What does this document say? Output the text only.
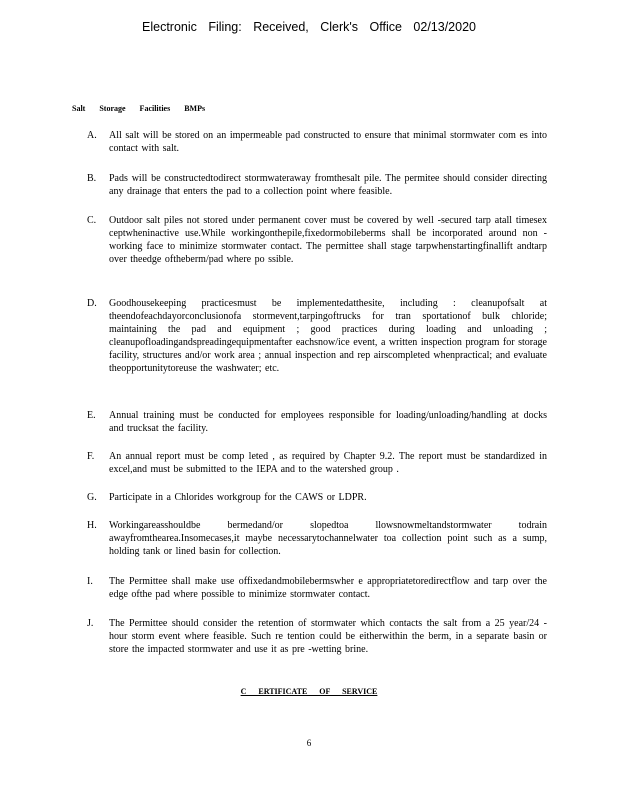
Electronic Filing: Received, Clerk's Office 02/13/2020
Salt Storage Facilities BMPs
A.	All salt will be stored on an impermeable pad constructed to ensure that minimal stormwater com es into contact with salt.
B.	Pads will be constructedtodirect stormwateraway fromthesalt pile. The permitee should consider directing any drainage that enters the pad to a collection point where feasible.
C.	Outdoor salt piles not stored under permanent cover must be covered by well -secured tarp atall timesex ceptwheninactive use.While workingonthepile,fixedormobileberms shall be incorporated around non -working face to minimize stormwater contact. The permittee shall stage tarpwhenstartingfinallift andtarp over theedge oftheberm/pad where po ssible.
D.	Goodhousekeeping practicesmust be implementedatthesite, including : cleanupofsalt at theendofeachdayorconclusionofa stormevent,tarpingoftrucks for tran sportationof bulk chloride; maintaining the pad and equipment ; good practices during loading and unloading ; cleanupofloadingandspreadingequipmentafter eachsnow/ice event, a written inspection program for storage facility, structures and/or work area ; annual inspection and rep airscompleted whenpractical; and evaluate theopportunitytoreuse the washwater; etc.
E.	Annual training must be conducted for employees responsible for loading/unloading/handling at docks and trucksat the facility.
F.	An annual report must be comp leted , as required by Chapter 9.2. The report must be standardized in excel,and must be submitted to the IEPA and to the watershed group .
G.	Participate in a Chlorides workgroup for the CAWS or LDPR.
H.	Workingareasshouldbe bermedand/or slopedtoa llowsnowmeltandstormwater todrain awayfromthearea.Insomecases,it maybe necessarytochannelwater toa collection point such as a sump, holding tank or lined basin for collection.
I.	The Permittee shall make use offixedandmobilebermswher e appropriatetoredirectflow and tarp over the edge ofthe pad where possible to minimize stormwater contact.
J.	The Permittee should consider the retention of stormwater which contacts the salt from a 25 year/24 -hour storm event where feasible. Such re tention could be eitherwithin the berm, in a separate basin or store the impacted stormwater and use it as pre -wetting brine.
C ERTIFICATE OF SERVICE
6
